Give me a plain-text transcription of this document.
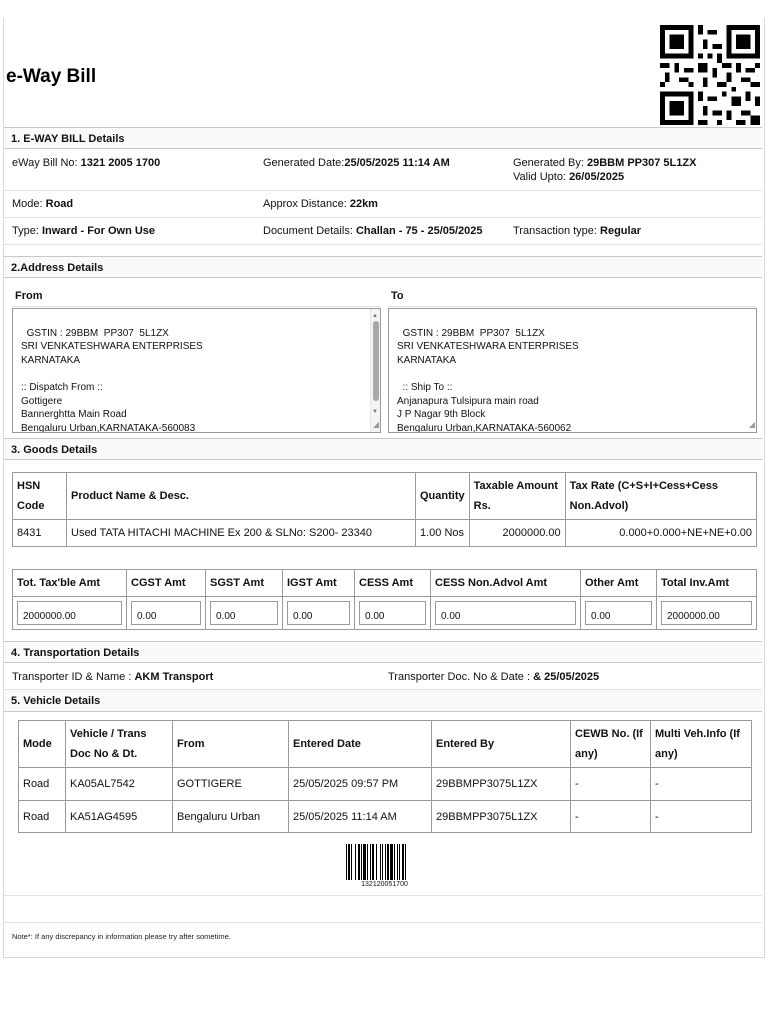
e-Way Bill
1. E-WAY BILL Details
eWay Bill No: 1321 2005 1700	Generated Date:25/05/2025 11:14 AM	Generated By: 29BBM PP307 5L1ZX
Valid Upto: 26/05/2025
Mode: Road	Approx Distance: 22km
Type: Inward - For Own Use	Document Details: Challan - 75 - 25/05/2025	Transaction type: Regular
2.Address Details
From	To

GSTIN : 29BBM  PP307  5L1ZX
SRI VENKATESHWARA ENTERPRISES
KARNATAKA

:: Dispatch From ::
Gottigere
Bannerghtta Main Road
Bengaluru Urban,KARNATAKA-560083

▲

▼

◢

GSTIN : 29BBM  PP307  5L1ZX
SRI VENKATESHWARA ENTERPRISES
KARNATAKA

:: Ship To ::
Anjanapura Tulsipura main road
J P Nagar 9th Block
Bengaluru Urban,KARNATAKA-560062
	◢

3. Goods Details
HSN Code	Product Name & Desc.	Quantity	Taxable Amount Rs.	Tax Rate (C+S+I+Cess+Cess Non.Advol)
8431	Used TATA HITACHI MACHINE Ex 200 & SLNo: S200- 23340	1.00 Nos	2000000.00	0.000+0.000+NE+NE+0.00
Tot. Tax'ble Amt	CGST Amt	SGST Amt	IGST Amt	CESS Amt	CESS Non.Advol Amt	Other Amt	Total Inv.Amt

2000000.00	0.00	0.00	0.00	0.00	0.00	0.00	2000000.00
4. Transportation Details
Transporter ID & Name : AKM Transport	Transporter Doc. No & Date : & 25/05/2025
5. Vehicle Details
Mode	Vehicle / Trans Doc No & Dt.	From	Entered Date	Entered By	CEWB No. (If any)	Multi Veh.Info (If any)
Road	KA05AL7542	GOTTIGERE	25/05/2025 09:57 PM	29BBMPP3075L1ZX	-	-
Road	KA51AG4595	Bengaluru Urban	25/05/2025 11:14 AM	29BBMPP3075L1ZX	-	-
132120051700
Note*: If any discrepancy in information please try after sometime.
